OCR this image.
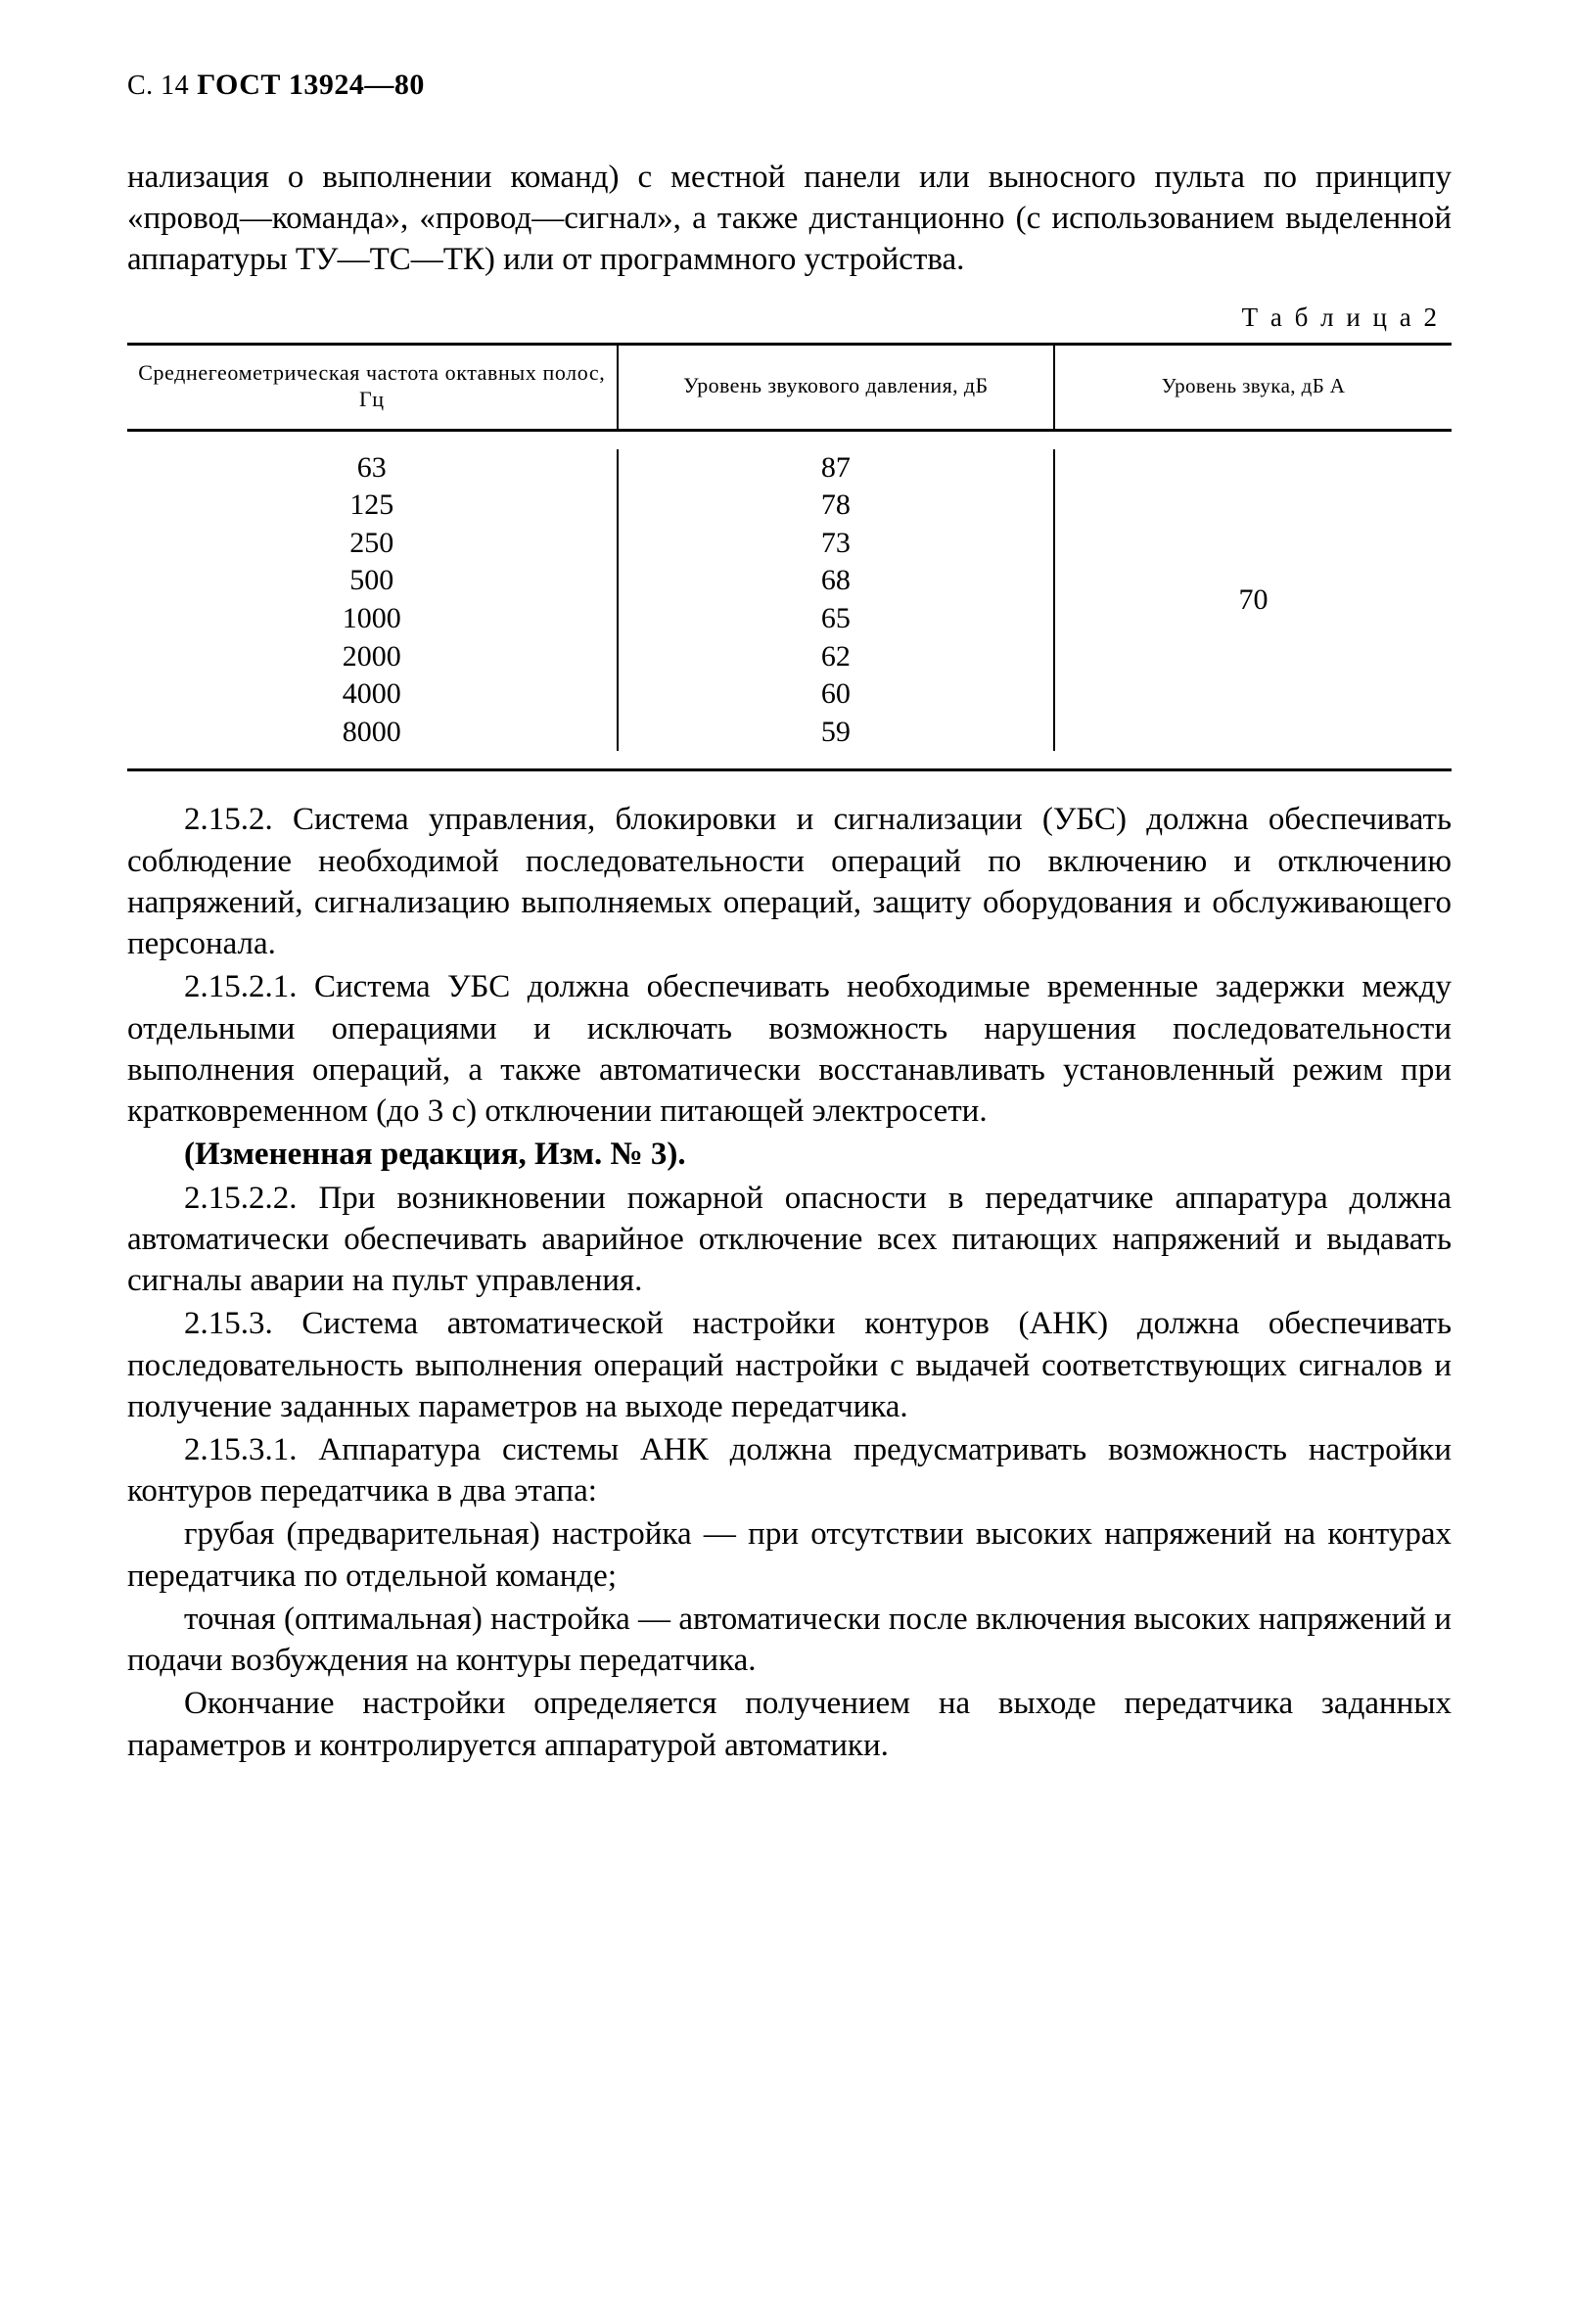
С. 14 ГОСТ 13924—80

нализация о выполнении команд) с местной панели или выносного пульта по принципу «провод—команда», «провод—сигнал», а также дистанционно (с использованием выделенной аппаратуры ТУ—ТС—ТК) или от программного устройства.

Т а б л и ц а 2

Среднегеометрическая частота октавных полос, Гц	Уровень звукового давления, дБ	Уровень звука, дБ А

63	87	70
125	78	
250	73	
500	68	
1000	65	
2000	62	
4000	60	
8000	59	

2.15.2. Система управления, блокировки и сигнализации (УБС) должна обеспечивать соблюдение необходимой последовательности операций по включению и отключению напряжений, сигнализацию выполняемых операций, защиту оборудования и обслуживающего персонала.

2.15.2.1. Система УБС должна обеспечивать необходимые временные задержки между отдельными операциями и исключать возможность нарушения последовательности выполнения операций, а также автоматически восстанавливать установленный режим при кратковременном (до 3 с) отключении питающей электросети.

(Измененная редакция, Изм. № 3).

2.15.2.2. При возникновении пожарной опасности в передатчике аппаратура должна автоматически обеспечивать аварийное отключение всех питающих напряжений и выдавать сигналы аварии на пульт управления.

2.15.3. Система автоматической настройки контуров (АНК) должна обеспечивать последовательность выполнения операций настройки с выдачей соответствующих сигналов и получение заданных параметров на выходе передатчика.

2.15.3.1. Аппаратура системы АНК должна предусматривать возможность настройки контуров передатчика в два этапа:

грубая (предварительная) настройка — при отсутствии высоких напряжений на контурах передатчика по отдельной команде;

точная (оптимальная) настройка — автоматически после включения высоких напряжений и подачи возбуждения на контуры передатчика.

Окончание настройки определяется получением на выходе передатчика заданных параметров и контролируется аппаратурой автоматики.
